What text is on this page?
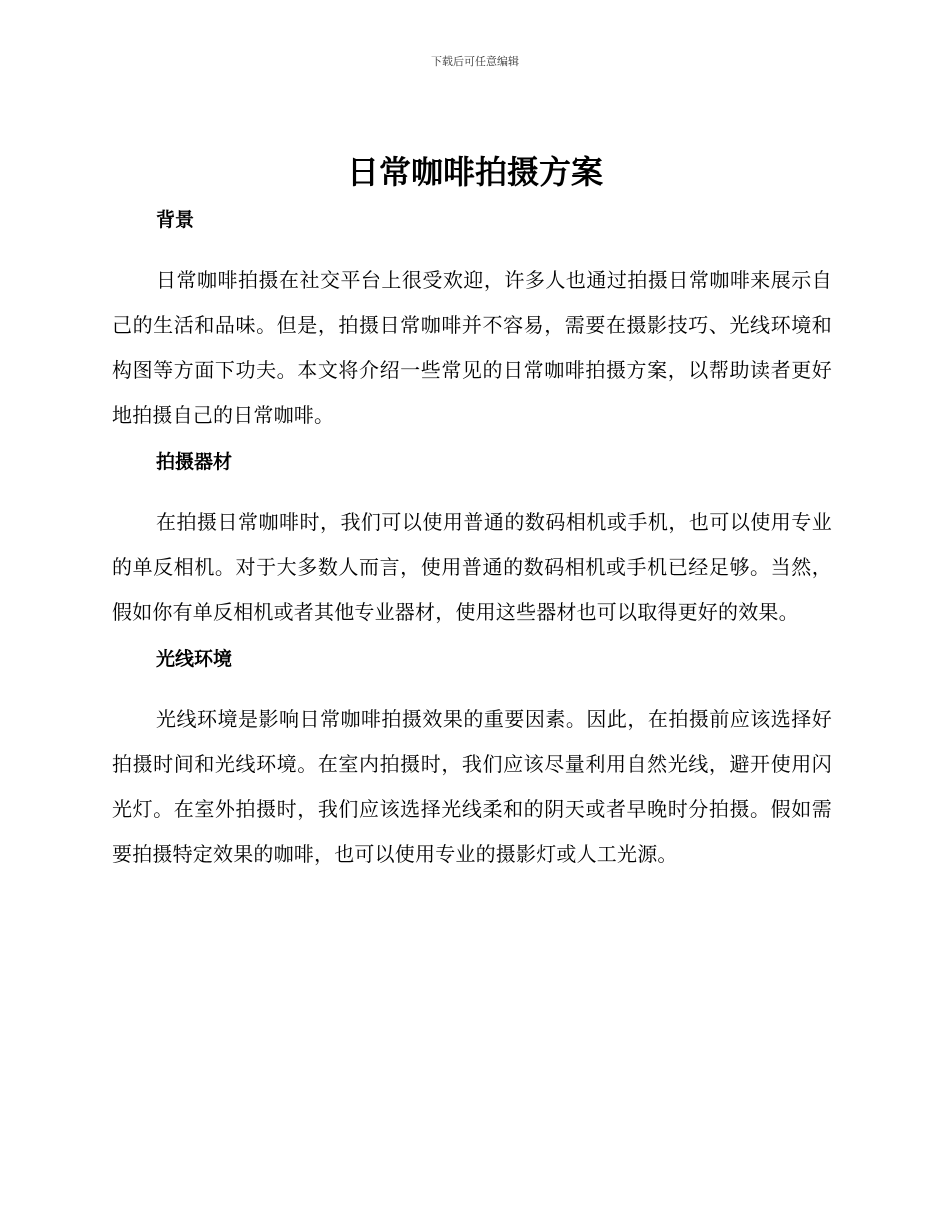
下载后可任意编辑
日常咖啡拍摄方案
背景

日常咖啡拍摄在社交平台上很受欢迎，许多人也通过拍摄日常咖啡来展示自己的生活和品味。但是，拍摄日常咖啡并不容易，需要在摄影技巧、光线环境和构图等方面下功夫。本文将介绍一些常见的日常咖啡拍摄方案，以帮助读者更好地拍摄自己的日常咖啡。

拍摄器材

在拍摄日常咖啡时，我们可以使用普通的数码相机或手机，也可以使用专业的单反相机。对于大多数人而言，使用普通的数码相机或手机已经足够。当然，假如你有单反相机或者其他专业器材，使用这些器材也可以取得更好的效果。

光线环境

光线环境是影响日常咖啡拍摄效果的重要因素。因此，在拍摄前应该选择好拍摄时间和光线环境。在室内拍摄时，我们应该尽量利用自然光线，避开使用闪光灯。在室外拍摄时，我们应该选择光线柔和的阴天或者早晚时分拍摄。假如需要拍摄特定效果的咖啡，也可以使用专业的摄影灯或人工光源。
